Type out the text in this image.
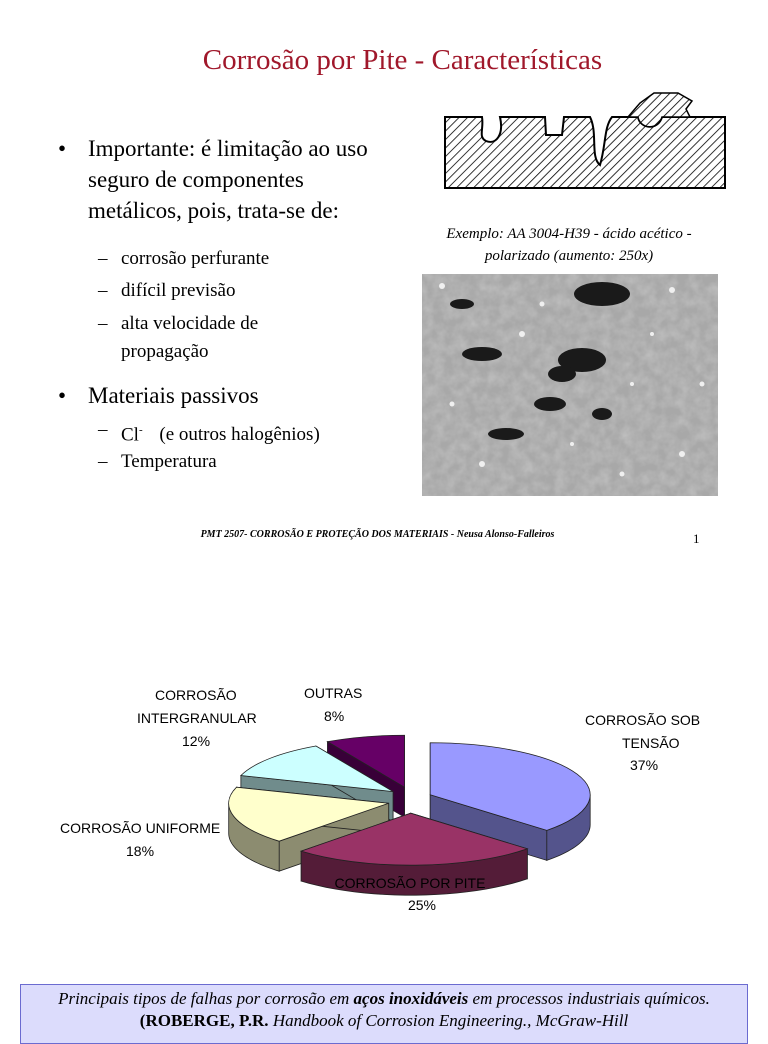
Corrosão por Pite - Características
• Importante: é limitação ao uso seguro de componentes metálicos, pois, trata-se de:
– corrosão perfurante
– difícil previsão
– alta velocidade de propagação
• Materiais passivos
– Cl- (e outros halogênios)
– Temperatura
Exemplo: AA 3004-H39 - ácido acético - polarizado (aumento: 250x)
PMT 2507- CORROSÃO E PROTEÇÃO DOS MATERIAIS - Neusa Alonso-Falleiros	1
CORROSÃO SOB
TENSÃO
37%
CORROSÃO POR PITE
25%
CORROSÃO UNIFORME
18%
CORROSÃO
INTERGRANULAR
12%
OUTRAS
8%
Principais tipos de falhas por corrosão em aços inoxidáveis em processos industriais químicos. (ROBERGE, P.R. Handbook of Corrosion Engineering., McGraw-Hill
